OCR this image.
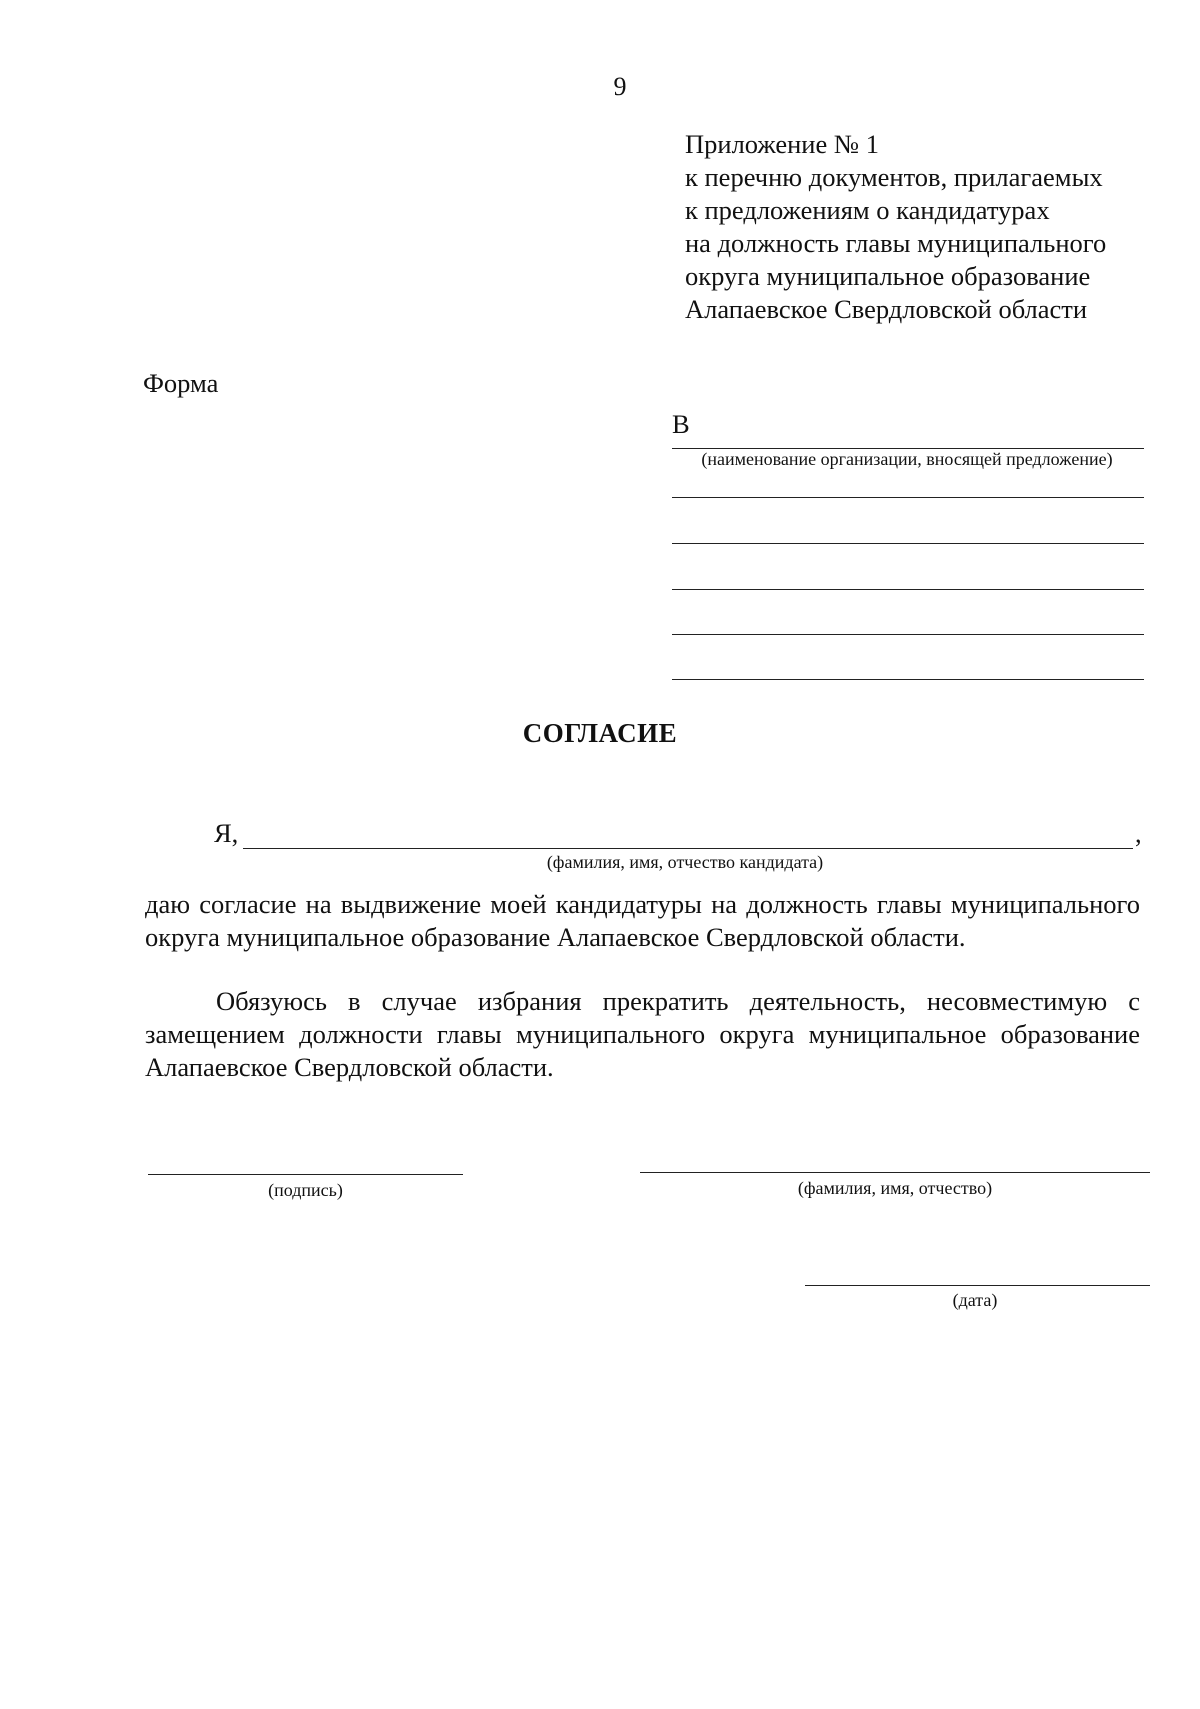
9
Приложение № 1
к перечню документов, прилагаемых
к предложениям о кандидатурах
на должность главы муниципального
округа муниципальное образование
Алапаевское Свердловской области
Форма
В
(наименование организации, вносящей предложение)
СОГЛАСИЕ
Я,	,
(фамилия, имя, отчество кандидата)
даю согласие на выдвижение моей кандидатуры на должность главы муниципального округа муниципальное образование Алапаевское Свердловской области.
Обязуюсь в случае избрания прекратить деятельность, несовместимую с замещением должности главы муниципального округа муниципальное образование Алапаевское Свердловской области.
(подпись)	(фамилия, имя, отчество)
(дата)
